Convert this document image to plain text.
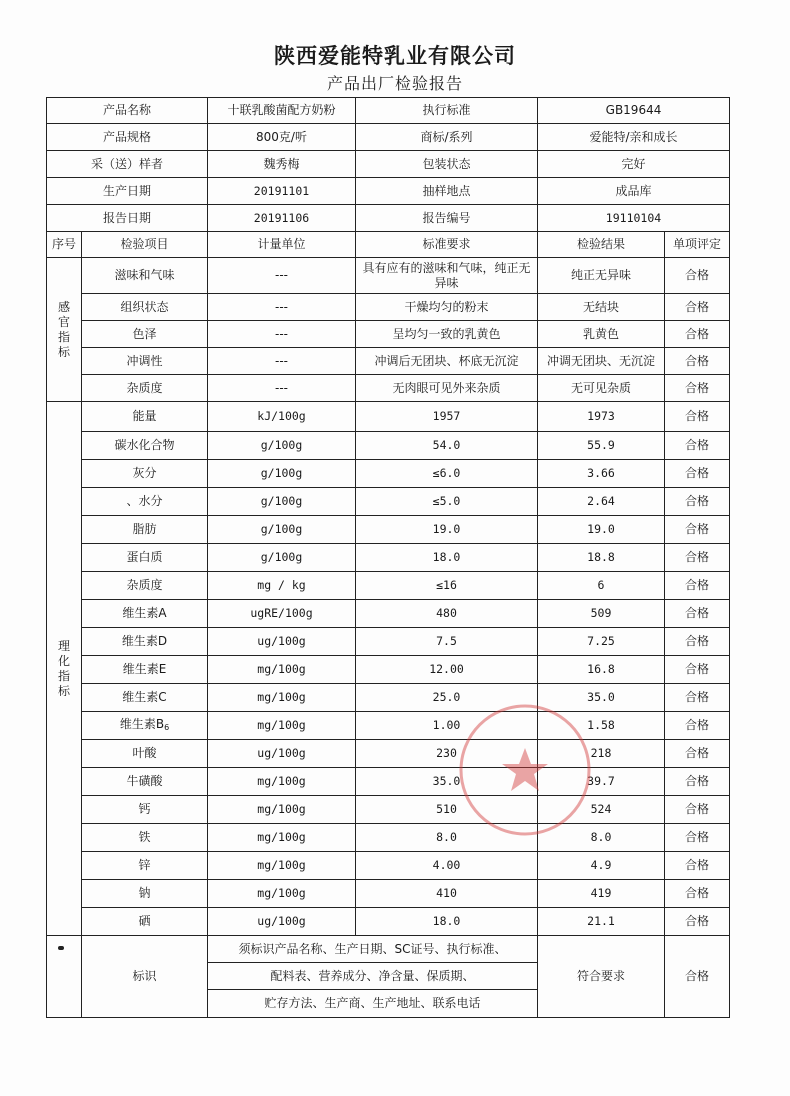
陕西爱能特乳业有限公司
产品出厂检验报告
产品名称		十联乳酸菌配方奶粉	执行标准	GB19644	
产品规格		800克/听	商标/系列	爱能特/亲和成长	
采（送）样者		魏秀梅	包装状态	完好	
生产日期		20191101	抽样地点	成品库	
报告日期		20191106	报告编号	19110104	
序号	检验项目	计量单位	标准要求	检验结果	单项评定

感
官
指
标	滋味和气味	---	具有应有的滋味和气味，纯正无异味	纯正无异味	合格
	组织状态	---	干燥均匀的粉末	无结块	合格
	色泽	---	呈均匀一致的乳黄色	乳黄色	合格
	冲调性	---	冲调后无团块、杯底无沉淀	冲调无团块、无沉淀	合格
	杂质度	---	无肉眼可见外来杂质	无可见杂质	合格

理
化
指
标	能量	kJ/100g	1957	1973	合格
	碳水化合物	g/100g	54.0	55.9	合格
	灰分	g/100g	≤6.0	3.66	合格
	、水分	g/100g	≤5.0	2.64	合格
	脂肪	g/100g	19.0	19.0	合格
	蛋白质	g/100g	18.0	18.8	合格
	杂质度	mg / kg	≤16	6	合格
	维生素A	ugRE/100g	480	509	合格
	维生素D	ug/100g	7.5	7.25	合格
	维生素E	mg/100g	12.00	16.8	合格
	维生素C	mg/100g	25.0	35.0	合格
	维生素$B_6$	mg/100g	1.00	1.58	合格
	叶酸	ug/100g	230	218	合格
	牛磺酸	mg/100g	35.0	39.7	合格
	钙	mg/100g	510	524	合格
	铁	mg/100g	8.0	8.0	合格
	锌	mg/100g	4.00	4.9	合格
	钠	mg/100g	410	419	合格
	硒	ug/100g	18.0	21.1	合格
	标识	须标识产品名称、生产日期、SC证号、执行标准、		符合要求	合格
		配料表、营养成分、净含量、保质期、			
		贮存方法、生产商、生产地址、联系电话			
